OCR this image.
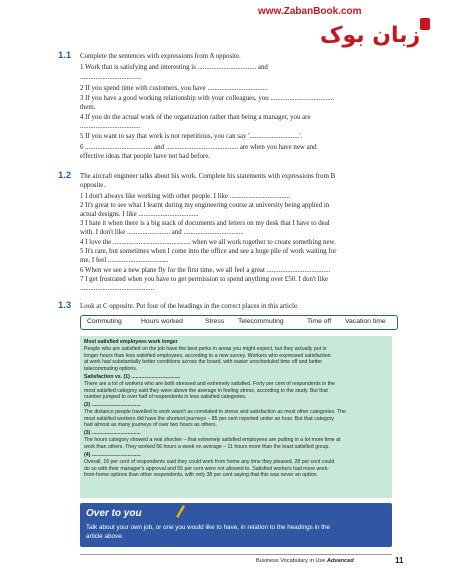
www.ZabanBook.com
زبان بوک
1.1 Complete the sentences with expressions from A opposite.
1 Work that is satisfying and interesting is .................................. and
....................................
2 If you spend time with customers, you have ...................................
3 If you have a good working relationship with your colleagues, you .....................................
them.
4 If you do the actual work of the organization rather than being a manager, you are
...................................
5 If you want to say that work is not repetitious, you can say '.............................'.
6 ....................................... and .......................................... are when you have new and
effective ideas that people have not had before.
1.2 The aircraft engineer talks about his work. Complete his statements with expressions from B
opposite.
1 I don't always like working with other people. I like ...................................
2 It's great to see what I learnt during my engineering course at university being applied in
actual designs. I like ...................................
3 I hate it when there is a big stack of documents and letters on my desk that I have to deal
with. I don't like ......................... and ...................................
4 I love the ............................................. when we all work together to create something new.
5 It's rare, but sometimes when I come into the office and see a huge pile of work waiting for
me, I feel ...................................
6 When we see a new plane fly for the first time, we all feel a great .....................................
7 I get frustrated when you have to get permission to spend anything over £50. I don't like
...........................................
1.3 Look at C opposite. Put four of the headings in the correct places in this article.
Commuting	Hours worked	Stress Telecommuting	Time off Vacation time
Most satisfied employees work longer
People who are satisfied on the job have the best perks in areas you might expect, but they actually put in
longer hours than less satisfied employees, according to a new survey. Workers who expressed satisfaction
at work had substantially better conditions across the board, with easier unscheduled time off and better
telecommuting options.
Satisfaction vs. (1) ..................................
There are a lot of workers who are both stressed and extremely satisfied. Forty per cent of respondents in the
most satisfied category said they were above the average in feeling stress, according to the study. But that
number jumped to over half of respondents in less satisfied categories.
(2) ..................................
The distance people travelled to work wasn't as correlated to stress and satisfaction as most other categories. The
most satisfied workers did have the shortest journeys – 85 per cent reported under an hour. But that category
had almost as many journeys of over two hours as others.
(3) ..................................
The hours category showed a real shocker – that extremely satisfied employees are putting in a lot more time at
work than others. They worked 56 hours a week on average – 11 hours more than the least satisfied group.
(4) ..................................
Overall, 16 per cent of respondents said they could work from home any time they pleased, 28 per cent could
do so with their manager's approval and 55 per cent were not allowed to. Satisfied workers had more work-
from-home options than other respondents, with only 38 per cent saying that this was never an option.
Over to you
Talk about your own job, or one you would like to have, in relation to the headings in the
article above.
Business Vocabulary in Use Advanced	11
